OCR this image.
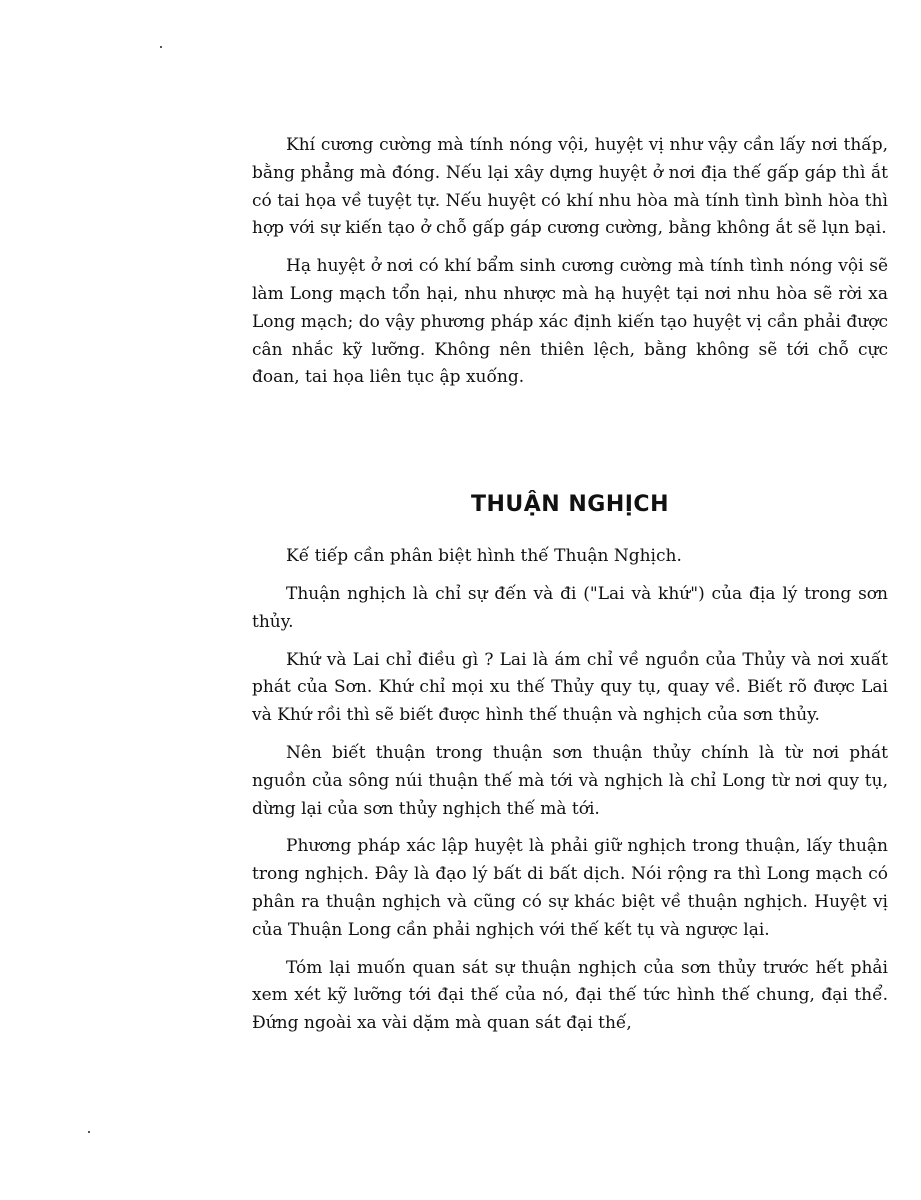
Khí cương cường mà tính nóng vội, huyệt vị như vậy cần lấy nơi thấp, bằng phẳng mà đóng. Nếu lại xây dựng huyệt ở nơi địa thế gấp gáp thì ắt có tai họa về tuyệt tự. Nếu huyệt có khí nhu hòa mà tính tình bình hòa thì hợp với sự kiến tạo ở chỗ gấp gáp cương cường, bằng không ắt sẽ lụn bại.

Hạ huyệt ở nơi có khí bẩm sinh cương cường mà tính tình nóng vội sẽ làm Long mạch tổn hại, nhu nhược mà hạ huyệt tại nơi nhu hòa sẽ rời xa Long mạch; do vậy phương pháp xác định kiến tạo huyệt vị cần phải được cân nhắc kỹ lưỡng. Không nên thiên lệch, bằng không sẽ tới chỗ cực đoan, tai họa liên tục ập xuống.

THUẬN NGHỊCH

Kế tiếp cần phân biệt hình thế Thuận Nghịch.

Thuận nghịch là chỉ sự đến và đi ("Lai và khứ") của địa lý trong sơn thủy.

Khứ và Lai chỉ điều gì ? Lai là ám chỉ về nguồn của Thủy và nơi xuất phát của Sơn. Khứ chỉ mọi xu thế Thủy quy tụ, quay về. Biết rõ được Lai và Khứ rồi thì sẽ biết được hình thế thuận và nghịch của sơn thủy.

Nên biết thuận trong thuận sơn thuận thủy chính là từ nơi phát nguồn của sông núi thuận thế mà tới và nghịch là chỉ Long từ nơi quy tụ, dừng lại của sơn thủy nghịch thế mà tới.

Phương pháp xác lập huyệt là phải giữ nghịch trong thuận, lấy thuận trong nghịch. Đây là đạo lý bất di bất dịch. Nói rộng ra thì Long mạch có phân ra thuận nghịch và cũng có sự khác biệt về thuận nghịch. Huyệt vị của Thuận Long cần phải nghịch với thế kết tụ và ngược lại.

Tóm lại muốn quan sát sự thuận nghịch của sơn thủy trước hết phải xem xét kỹ lưỡng tới đại thế của nó, đại thế tức hình thế chung, đại thể. Đứng ngoài xa vài dặm mà quan sát đại thế,
